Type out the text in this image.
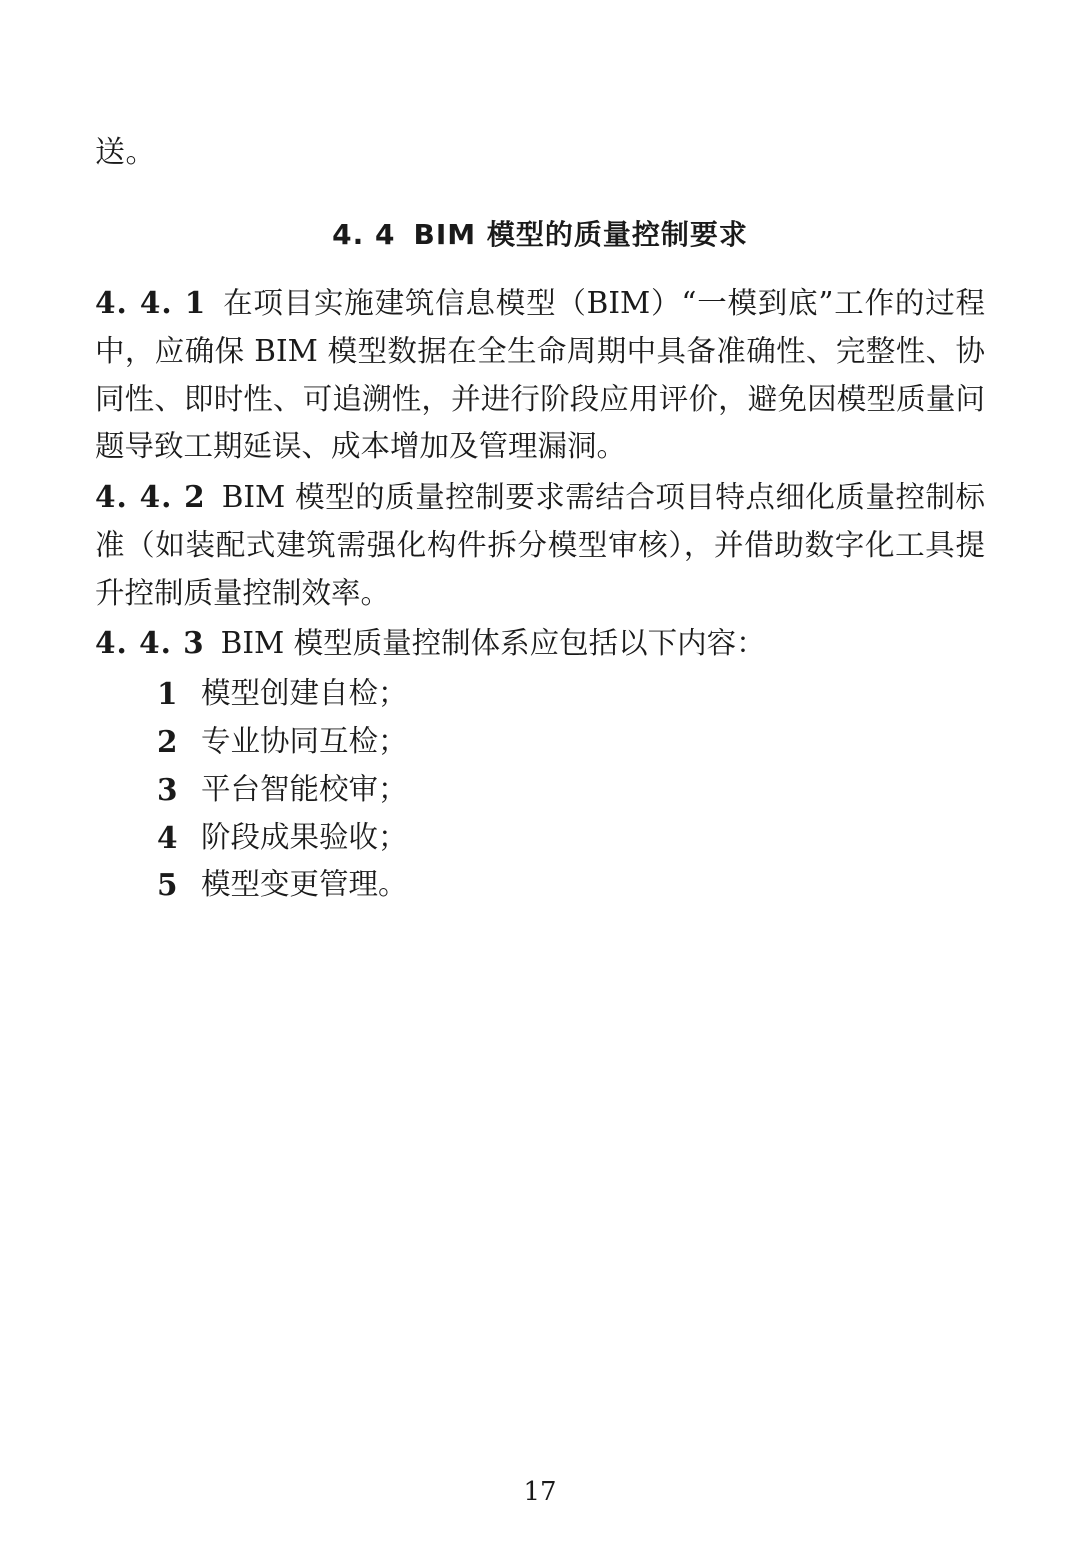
送。

4. 4 BIM 模型的质量控制要求

4. 4. 1 在项目实施建筑信息模型（BIM）“一模到底”工作的过程中，应确保 BIM 模型数据在全生命周期中具备准确性、完整性、协同性、即时性、可追溯性，并进行阶段应用评价，避免因模型质量问题导致工期延误、成本增加及管理漏洞。

4. 4. 2 BIM 模型的质量控制要求需结合项目特点细化质量控制标准（如装配式建筑需强化构件拆分模型审核），并借助数字化工具提升控制质量控制效率。

4. 4. 3 BIM 模型质量控制体系应包括以下内容：

1 模型创建自检；
2 专业协同互检；
3 平台智能校审；
4 阶段成果验收；
5 模型变更管理。
17
